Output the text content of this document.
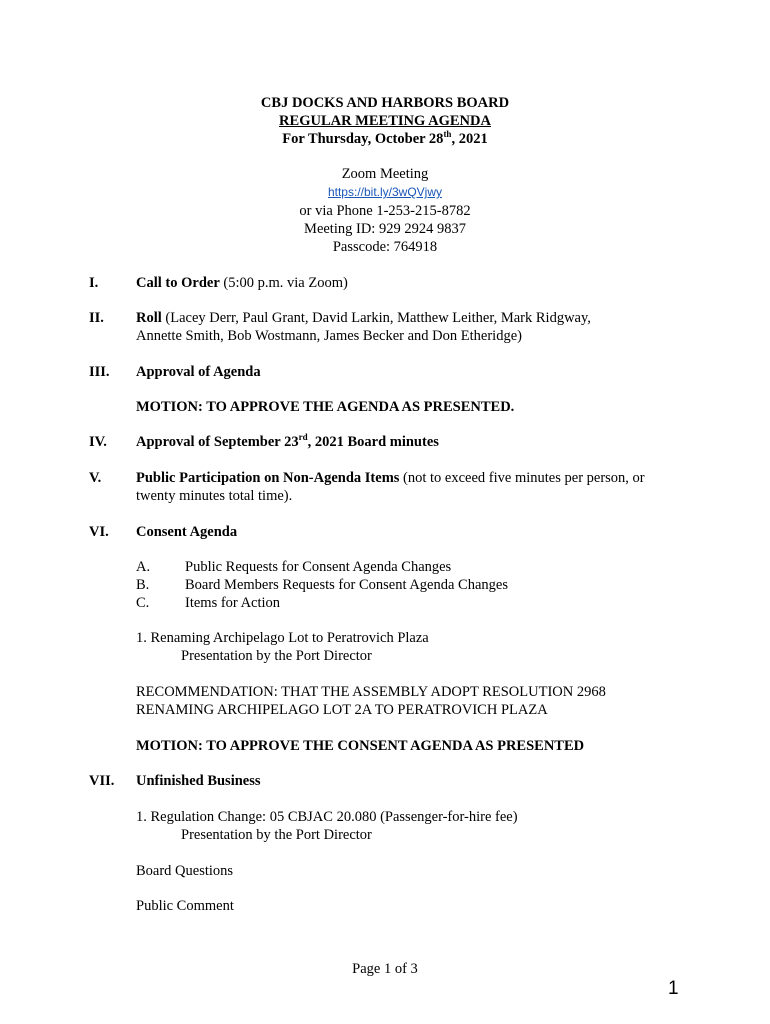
CBJ DOCKS AND HARBORS BOARD
REGULAR MEETING AGENDA
For Thursday, October 28th, 2021
Zoom Meeting
https://bit.ly/3wQVjwy
or via Phone 1-253-215-8782
Meeting ID: 929 2924 9837
Passcode: 764918
I.	Call to Order (5:00 p.m. via Zoom)
II. Roll (Lacey Derr, Paul Grant, David Larkin, Matthew Leither, Mark Ridgway,
Annette Smith, Bob Wostmann, James Becker and Don Etheridge)
III. Approval of Agenda
MOTION: TO APPROVE THE AGENDA AS PRESENTED.
IV. Approval of September 23rd, 2021 Board minutes
V. Public Participation on Non-Agenda Items (not to exceed five minutes per person, or
twenty minutes total time).
VI. Consent Agenda
A. Public Requests for Consent Agenda Changes
B. Board Members Requests for Consent Agenda Changes
C. Items for Action
1. Renaming Archipelago Lot to Peratrovich Plaza
Presentation by the Port Director
RECOMMENDATION: THAT THE ASSEMBLY ADOPT RESOLUTION 2968
RENAMING ARCHIPELAGO LOT 2A TO PERATROVICH PLAZA
MOTION: TO APPROVE THE CONSENT AGENDA AS PRESENTED
VII. Unfinished Business
1. Regulation Change: 05 CBJAC 20.080 (Passenger-for-hire fee)
Presentation by the Port Director
Board Questions
Public Comment
Page 1 of 3
1
